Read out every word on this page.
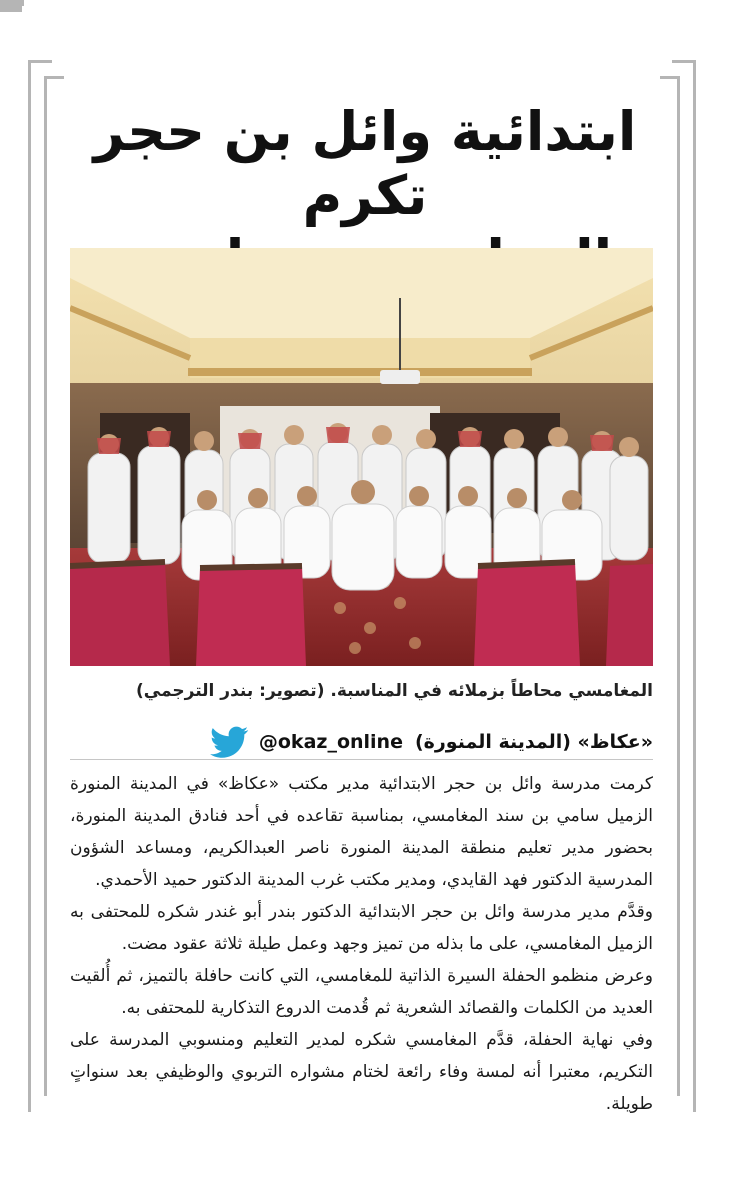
ابتدائية وائل بن حجر تكرم
المغامسي محاطاً بزملائه في المناسبة. (تصوير: بندر الترجمي)
«عكاظ» (المدينة المنورة)
@okaz_online

كرمت مدرسة وائل بن حجر الابتدائية مدير مكتب «عكاظ» في المدينة المنورة الزميل سامي بن سند المغامسي، بمناسبة تقاعده في أحد فنادق المدينة المنورة، بحضور مدير تعليم منطقة المدينة المنورة ناصر العبدالكريم، ومساعد الشؤون المدرسية الدكتور فهد القايدي، ومدير مكتب غرب المدينة الدكتور حميد الأحمدي.

وقدَّم مدير مدرسة وائل بن حجر الابتدائية الدكتور بندر أبو غندر شكره للمحتفى به الزميل المغامسي، على ما بذله من تميز وجهد وعمل طيلة ثلاثة عقود مضت.

وعرض منظمو الحفلة السيرة الذاتية للمغامسي، التي كانت حافلة بالتميز، ثم أُلقيت العديد من الكلمات والقصائد الشعرية ثم قُدمت الدروع التذكارية للمحتفى به.

وفي نهاية الحفلة، قدَّم المغامسي شكره لمدير التعليم ومنسوبي المدرسة على التكريم، معتبرا أنه لمسة وفاء رائعة لختام مشواره التربوي والوظيفي بعد سنواتٍ طويلة.
